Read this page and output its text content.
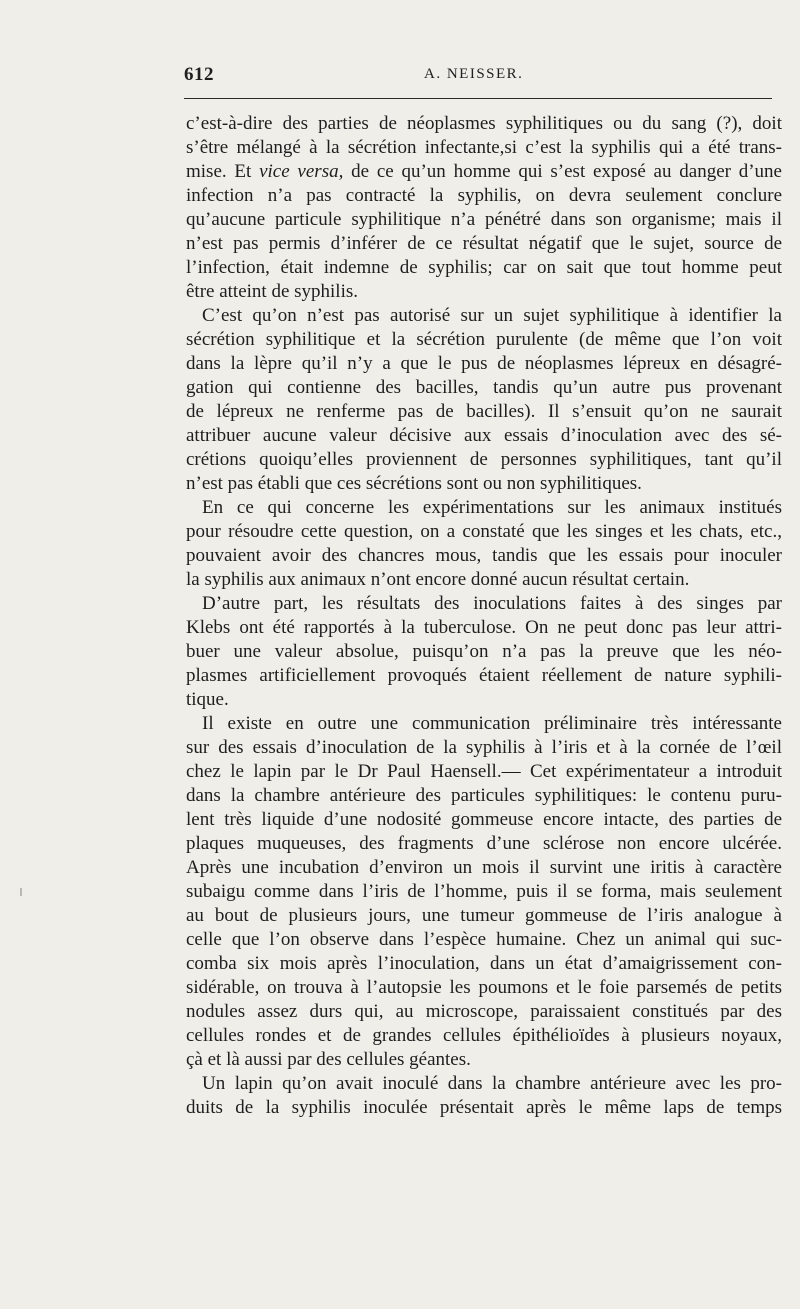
612	A. NEISSER.
c’est-à-dire des parties de néoplasmes syphilitiques ou du sang (?), doit
s’être mélangé à la sécrétion infectante,si c’est la syphilis qui a été trans-
mise. Et vice versa, de ce qu’un homme qui s’est exposé au danger d’une
infection n’a pas contracté la syphilis, on devra seulement conclure
qu’aucune particule syphilitique n’a pénétré dans son organisme; mais il
n’est pas permis d’inférer de ce résultat négatif que le sujet, source de
l’infection, était indemne de syphilis; car on sait que tout homme peut
être atteint de syphilis.
C’est qu’on n’est pas autorisé sur un sujet syphilitique à identifier la
sécrétion syphilitique et la sécrétion purulente (de même que l’on voit
dans la lèpre qu’il n’y a que le pus de néoplasmes lépreux en désagré-
gation qui contienne des bacilles, tandis qu’un autre pus provenant
de lépreux ne renferme pas de bacilles). Il s’ensuit qu’on ne saurait
attribuer aucune valeur décisive aux essais d’inoculation avec des sé-
crétions quoiqu’elles proviennent de personnes syphilitiques, tant qu’il
n’est pas établi que ces sécrétions sont ou non syphilitiques.
En ce qui concerne les expérimentations sur les animaux institués
pour résoudre cette question, on a constaté que les singes et les chats, etc.,
pouvaient avoir des chancres mous, tandis que les essais pour inoculer
la syphilis aux animaux n’ont encore donné aucun résultat certain.
D’autre part, les résultats des inoculations faites à des singes par
Klebs ont été rapportés à la tuberculose. On ne peut donc pas leur attri-
buer une valeur absolue, puisqu’on n’a pas la preuve que les néo-
plasmes artificiellement provoqués étaient réellement de nature syphili-
tique.
Il existe en outre une communication préliminaire très intéressante
sur des essais d’inoculation de la syphilis à l’iris et à la cornée de l’œil
chez le lapin par le Dr Paul Haensell.— Cet expérimentateur a introduit
dans la chambre antérieure des particules syphilitiques: le contenu puru-
lent très liquide d’une nodosité gommeuse encore intacte, des parties de
plaques muqueuses, des fragments d’une sclérose non encore ulcérée.
Après une incubation d’environ un mois il survint une iritis à caractère
subaigu comme dans l’iris de l’homme, puis il se forma, mais seulement
au bout de plusieurs jours, une tumeur gommeuse de l’iris analogue à
celle que l’on observe dans l’espèce humaine. Chez un animal qui suc-
comba six mois après l’inoculation, dans un état d’amaigrissement con-
sidérable, on trouva à l’autopsie les poumons et le foie parsemés de petits
nodules assez durs qui, au microscope, paraissaient constitués par des
cellules rondes et de grandes cellules épithélioïdes à plusieurs noyaux,
çà et là aussi par des cellules géantes.
Un lapin qu’on avait inoculé dans la chambre antérieure avec les pro-
duits de la syphilis inoculée présentait après le même laps de temps
